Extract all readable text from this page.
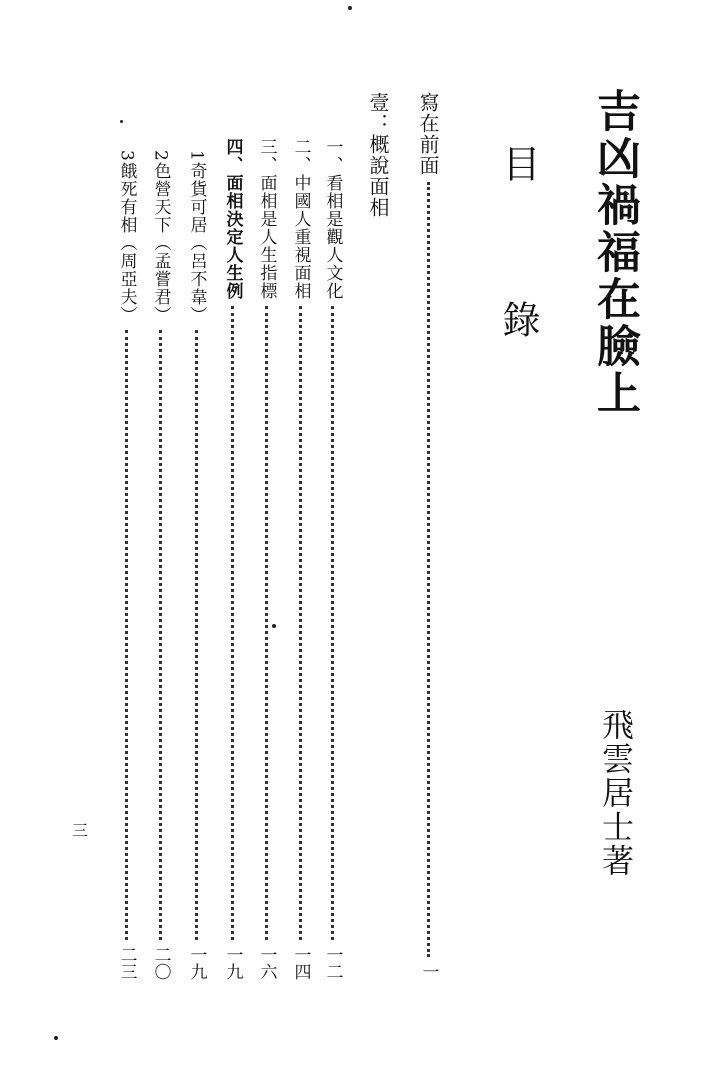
吉凶禍福在臉上
目
錄
飛雲居士著
寫在前面
一
壹：概說面相
一、看相是觀人文化
一二
二、中國人重視面相
一四
三、面相是人生指標
一六
四、面相決定人生例
一九
1奇貨可居（呂不韋）
一九
2色營天下（孟嘗君）
二〇
3餓死有相（周亞夫）
二三
三
